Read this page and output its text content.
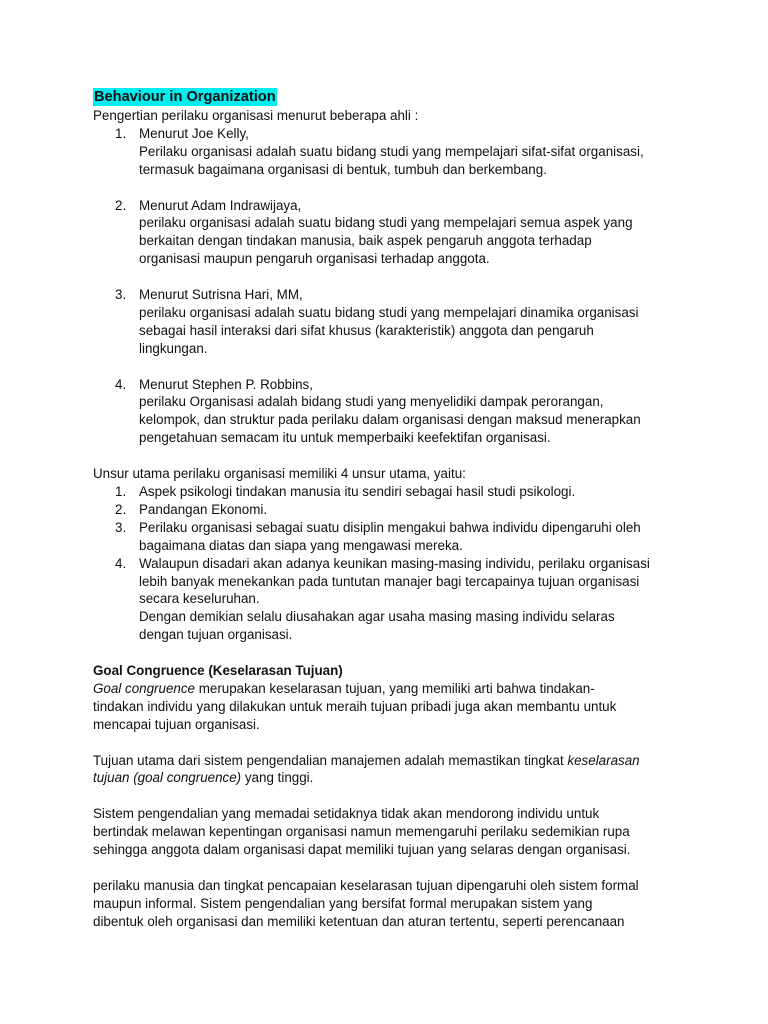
Behaviour in Organization

Pengertian perilaku organisasi menurut beberapa ahli :

1. Menurut Joe Kelly,
Perilaku organisasi adalah suatu bidang studi yang mempelajari sifat-sifat organisasi,
termasuk bagaimana organisasi di bentuk, tumbuh dan berkembang.
2. Menurut Adam Indrawijaya,
perilaku organisasi adalah suatu bidang studi yang mempelajari semua aspek yang
berkaitan dengan tindakan manusia, baik aspek pengaruh anggota terhadap
organisasi maupun pengaruh organisasi terhadap anggota.
3. Menurut Sutrisna Hari, MM,
perilaku organisasi adalah suatu bidang studi yang mempelajari dinamika organisasi
sebagai hasil interaksi dari sifat khusus (karakteristik) anggota dan pengaruh
lingkungan.
4. Menurut Stephen P. Robbins,
perilaku Organisasi adalah bidang studi yang menyelidiki dampak perorangan,
kelompok, dan struktur pada perilaku dalam organisasi dengan maksud menerapkan
pengetahuan semacam itu untuk memperbaiki keefektifan organisasi.

Unsur utama perilaku organisasi memiliki 4 unsur utama, yaitu:

1. Aspek psikologi tindakan manusia itu sendiri sebagai hasil studi psikologi.
2. Pandangan Ekonomi.
3. Perilaku organisasi sebagai suatu disiplin mengakui bahwa individu dipengaruhi oleh
bagaimana diatas dan siapa yang mengawasi mereka.
4. Walaupun disadari akan adanya keunikan masing-masing individu, perilaku organisasi
lebih banyak menekankan pada tuntutan manajer bagi tercapainya tujuan organisasi
secara keseluruhan.
Dengan demikian selalu diusahakan agar usaha masing masing individu selaras
dengan tujuan organisasi.
Goal Congruence (Keselarasan Tujuan)
Goal congruence merupakan keselarasan tujuan, yang memiliki arti bahwa tindakan-
tindakan individu yang dilakukan untuk meraih tujuan pribadi juga akan membantu untuk
mencapai tujuan organisasi.
Tujuan utama dari sistem pengendalian manajemen adalah memastikan tingkat keselarasan
tujuan (goal congruence) yang tinggi.
Sistem pengendalian yang memadai setidaknya tidak akan mendorong individu untuk
bertindak melawan kepentingan organisasi namun memengaruhi perilaku sedemikian rupa
sehingga anggota dalam organisasi dapat memiliki tujuan yang selaras dengan organisasi.
perilaku manusia dan tingkat pencapaian keselarasan tujuan dipengaruhi oleh sistem formal
maupun informal. Sistem pengendalian yang bersifat formal merupakan sistem yang
dibentuk oleh organisasi dan memiliki ketentuan dan aturan tertentu, seperti perencanaan
